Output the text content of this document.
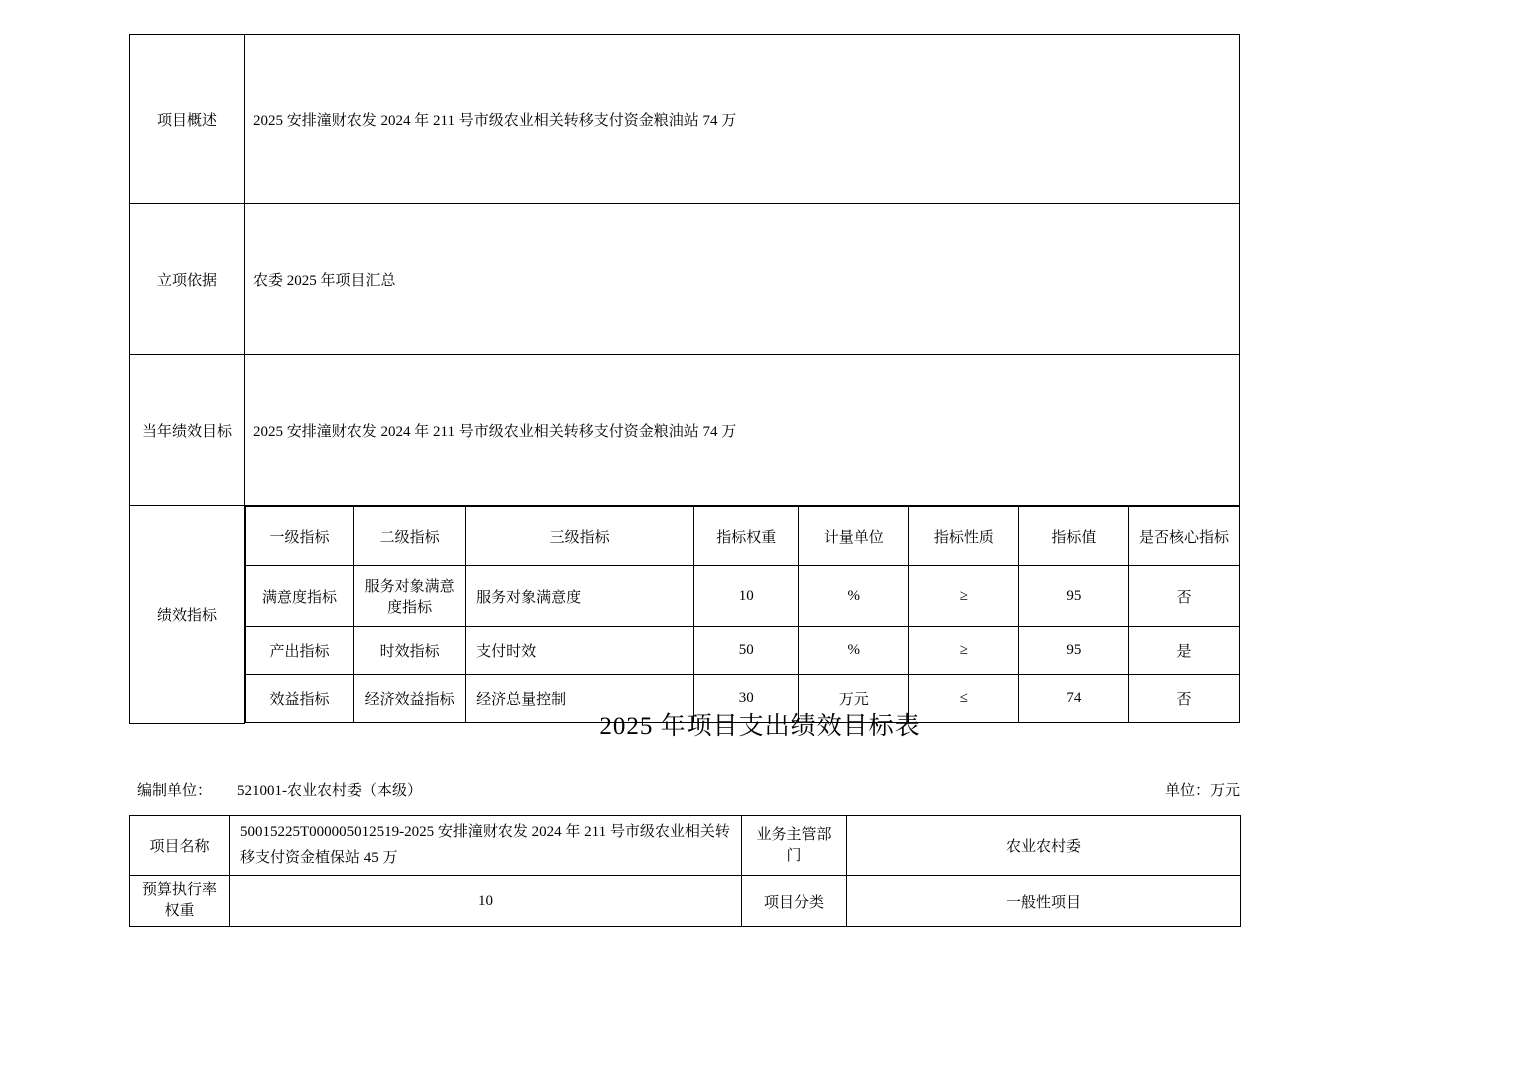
项目概述	2025 安排潼财农发 2024 年 211 号市级农业相关转移支付资金粮油站 74 万
立项依据	农委 2025 年项目汇总
当年绩效目标	2025 安排潼财农发 2024 年 211 号市级农业相关转移支付资金粮油站 74 万
绩效指标	
一级指标	二级指标	三级指标	指标权重	计量单位	指标性质	指标值	是否核心指标
满意度指标	服务对象满意度指标	服务对象满意度	10	%	≥	95	否
产出指标	时效指标	支付时效	50	%	≥	95	是
效益指标	经济效益指标	经济总量控制	30	万元	≤	74	否
2025 年项目支出绩效目标表
编制单位： 521001-农业农村委（本级）	单位：万元
项目名称	50015225T000005012519-2025 安排潼财农发 2024 年 211 号市级农业相关转移支付资金植保站 45 万	业务主管部门	农业农村委
预算执行率权重	10	项目分类	一般性项目
